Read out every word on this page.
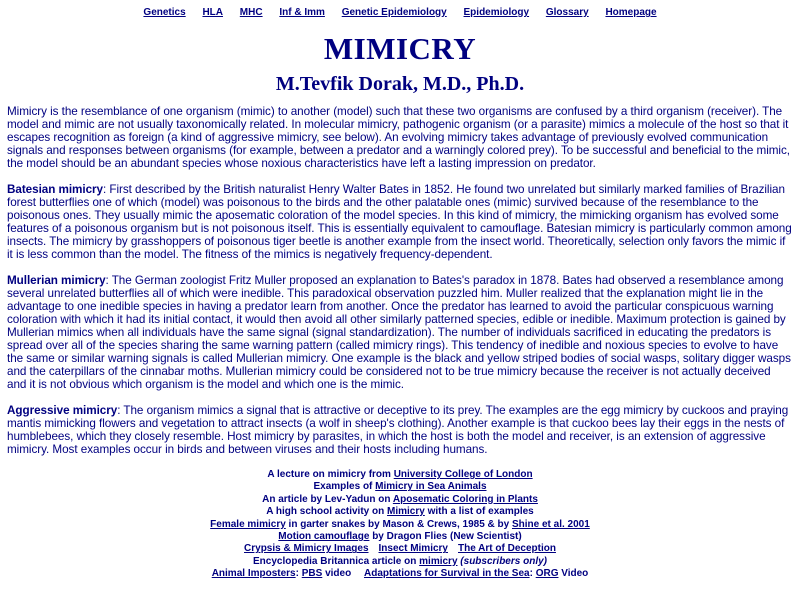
Genetics HLA MHC Inf & Imm Genetic Epidemiology Epidemiology Glossary Homepage
MIMICRY
M.Tevfik Dorak, M.D., Ph.D.

Mimicry is the resemblance of one organism (mimic) to another (model) such that these two organisms are confused by a third organism (receiver). The model and mimic are not usually taxonomically related. In molecular mimicry, pathogenic organism (or a parasite) mimics a molecule of the host so that it escapes recognition as foreign (a kind of aggressive mimicry, see below). An evolving mimicry takes advantage of previously evolved communication signals and responses between organisms (for example, between a predator and a warningly colored prey). To be successful and beneficial to the mimic, the model should be an abundant species whose noxious characteristics have left a lasting impression on predator.

Batesian mimicry: First described by the British naturalist Henry Walter Bates in 1852. He found two unrelated but similarly marked families of Brazilian forest butterflies one of which (model) was poisonous to the birds and the other palatable ones (mimic) survived because of the resemblance to the poisonous ones. They usually mimic the aposematic coloration of the model species. In this kind of mimicry, the mimicking organism has evolved some features of a poisonous organism but is not poisonous itself. This is essentially equivalent to camouflage. Batesian mimicry is particularly common among insects. The mimicry by grasshoppers of poisonous tiger beetle is another example from the insect world. Theoretically, selection only favors the mimic if it is less common than the model. The fitness of the mimics is negatively frequency-dependent.

Mullerian mimicry: The German zoologist Fritz Muller proposed an explanation to Bates's paradox in 1878. Bates had observed a resemblance among several unrelated butterflies all of which were inedible. This paradoxical observation puzzled him. Muller realized that the explanation might lie in the advantage to one inedible species in having a predator learn from another. Once the predator has learned to avoid the particular conspicuous warning coloration with which it had its initial contact, it would then avoid all other similarly patterned species, edible or inedible. Maximum protection is gained by Mullerian mimics when all individuals have the same signal (signal standardization). The number of individuals sacrificed in educating the predators is spread over all of the species sharing the same warning pattern (called mimicry rings). This tendency of inedible and noxious species to evolve to have the same or similar warning signals is called Mullerian mimicry. One example is the black and yellow striped bodies of social wasps, solitary digger wasps and the caterpillars of the cinnabar moths. Mullerian mimicry could be considered not to be true mimicry because the receiver is not actually deceived and it is not obvious which organism is the model and which one is the mimic.

Aggressive mimicry: The organism mimics a signal that is attractive or deceptive to its prey. The examples are the egg mimicry by cuckoos and praying mantis mimicking flowers and vegetation to attract insects (a wolf in sheep's clothing). Another example is that cuckoo bees lay their eggs in the nests of humblebees, which they closely resemble. Host mimicry by parasites, in which the host is both the model and receiver, is an extension of aggressive mimicry. Most examples occur in birds and between viruses and their hosts including humans.

A lecture on mimicry from University College of London
Examples of Mimicry in Sea Animals
An article by Lev-Yadun on Aposematic Coloring in Plants
A high school activity on Mimicry with a list of examples
Female mimicry in garter snakes by Mason & Crews, 1985 & by Shine et al. 2001
Motion camouflage by Dragon Flies (New Scientist)
Crypsis & Mimicry Images Insect Mimicry The Art of Deception
Encyclopedia Britannica article on mimicry (subscribers only)
Animal Imposters: PBS video Adaptations for Survival in the Sea: ORG Video
